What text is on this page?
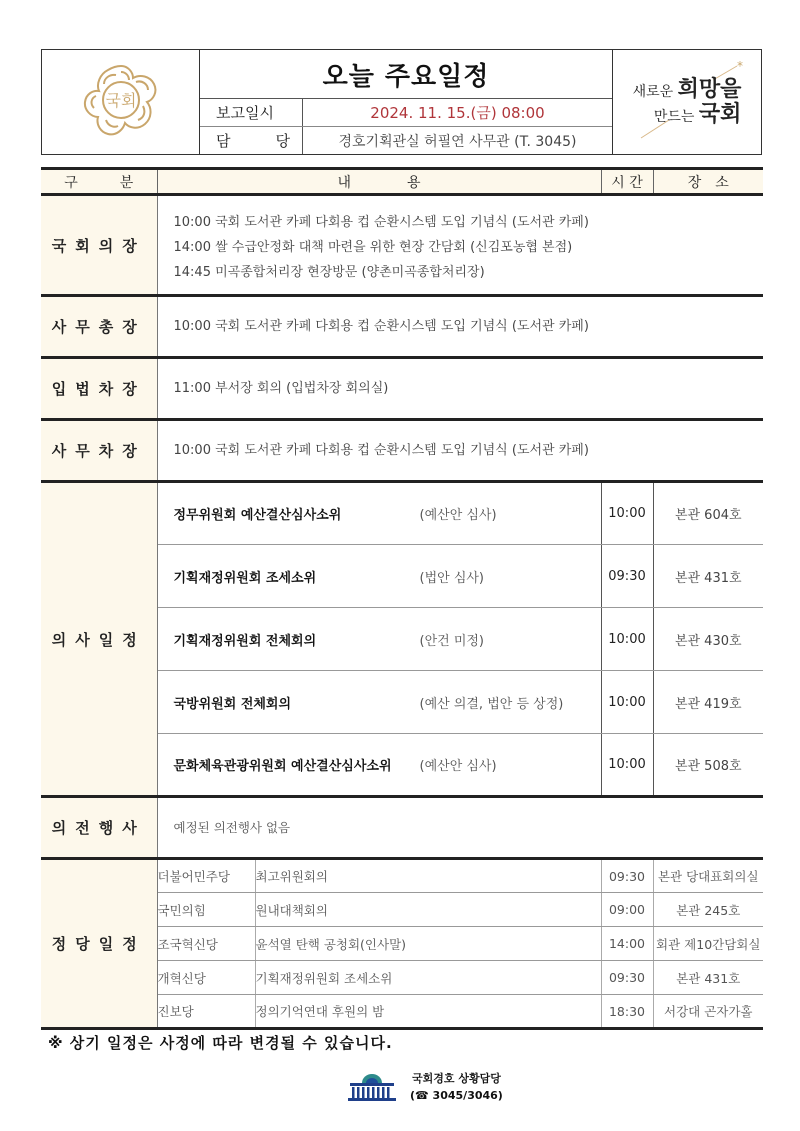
국회
오늘 주요일정
보고일시	2024. 11. 15.(금) 08:00
담	당	경호기획관실 허필연 사무관 (T. 3045)
*
새로운 희망을
만드는 국회
구　　　분	내　　　　용		시 간	장　소
국회의장	10:00 국회 도서관 카페 다회용 컵 순환시스템 도입 기념식 (도서관 카페)
14:00 쌀 수급안정화 대책 마련을 위한 현장 간담회 (신김포농협 본점)
14:45 미곡종합처리장 현장방문 (양촌미곡종합처리장)			

사무총장	10:00 국회 도서관 카페 다회용 컵 순환시스템 도입 기념식 (도서관 카페)			

입법차장	11:00 부서장 회의 (입법차장 회의실)			

사무차장	10:00 국회 도서관 카페 다회용 컵 순환시스템 도입 기념식 (도서관 카페)			

의사일정	정무위원회 예산결산심사소위 (예산안 심사)		10:00	본관 604호

	기획재정위원회 조세소위 (법안 심사)		09:30	본관 431호

	기획재정위원회 전체회의 (안건 미정)		10:00	본관 430호

	국방위원회 전체회의 (예산 의결, 법안 등 상정)		10:00	본관 419호

	문화체육관광위원회 예산결산심사소위 (예산안 심사)		10:00	본관 508호
의전행사	예정된 의전행사 없음			

정당일정	더불어민주당	최고위원회의	09:30	본관 당대표회의실
	국민의힘	원내대책회의	09:00	본관 245호
	조국혁신당	윤석열 탄핵 공청회(인사말)	14:00	회관 제10간담회실
	개혁신당	기획재정위원회 조세소위	09:30	본관 431호
	진보당	정의기억연대 후원의 밤	18:30	서강대 곤자가홀
※ 상기 일정은 사정에 따라 변경될 수 있습니다.
국회경호 상황담당
(☎ 3045/3046)
